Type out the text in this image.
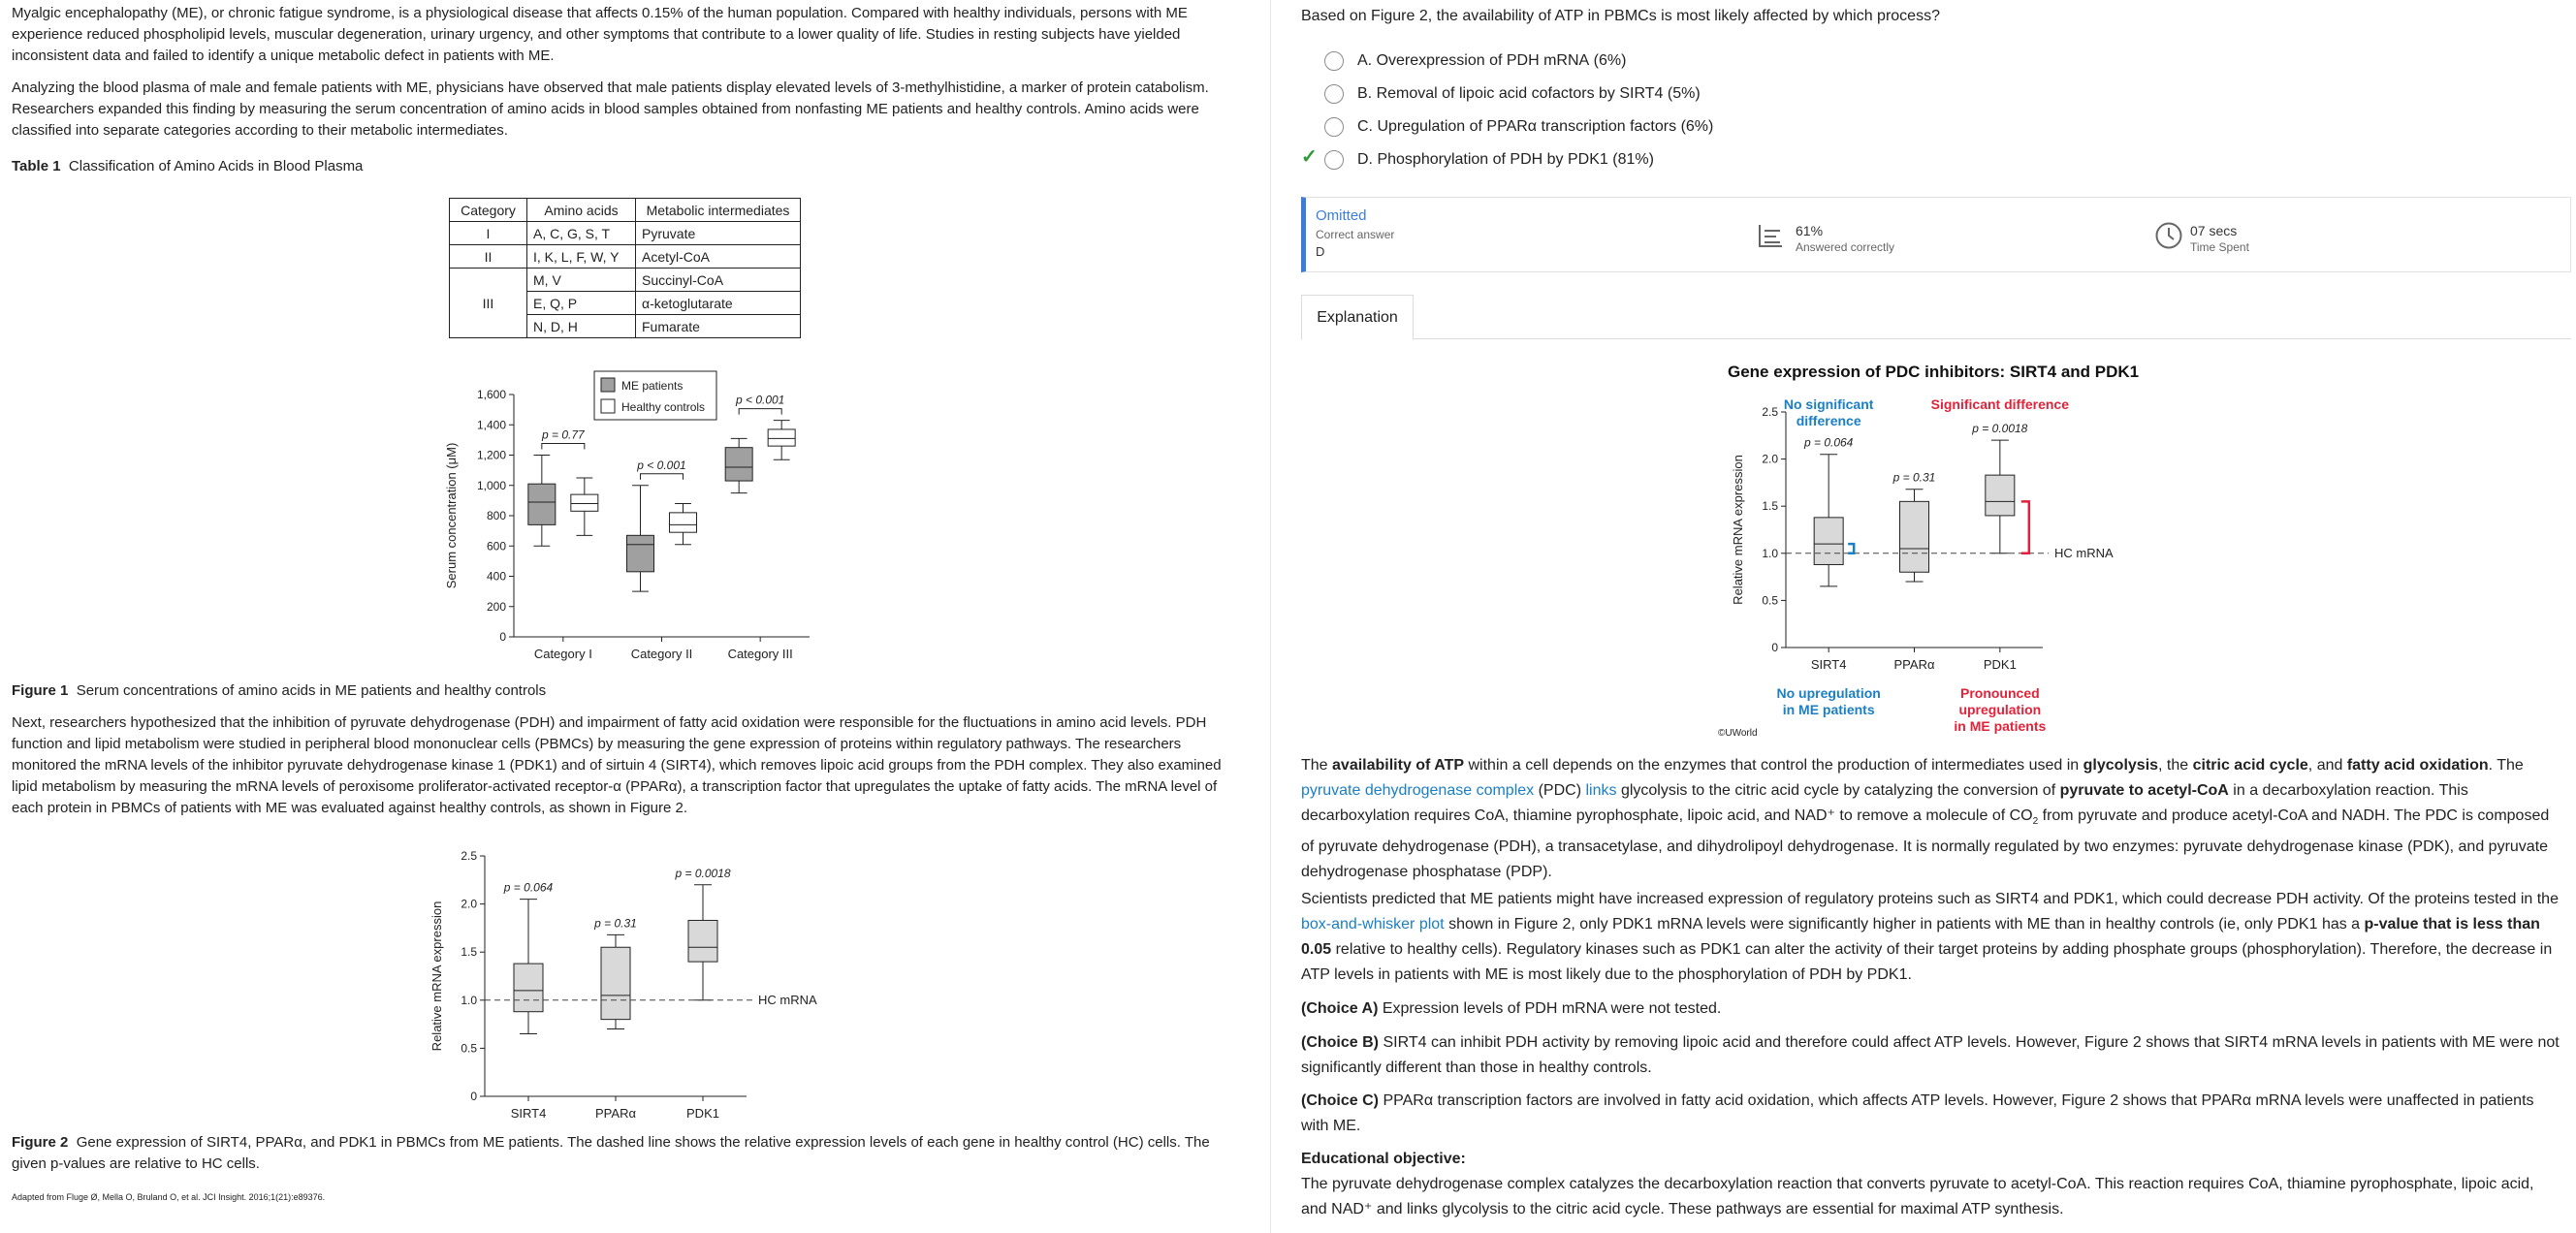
Myalgic encephalopathy (ME), or chronic fatigue syndrome, is a physiological disease that affects 0.15% of the human population. Compared with healthy individuals, persons with ME experience reduced phospholipid levels, muscular degeneration, urinary urgency, and other symptoms that contribute to a lower quality of life. Studies in resting subjects have yielded inconsistent data and failed to identify a unique metabolic defect in patients with ME.
Analyzing the blood plasma of male and female patients with ME, physicians have observed that male patients display elevated levels of 3-methylhistidine, a marker of protein catabolism. Researchers expanded this finding by measuring the serum concentration of amino acids in blood samples obtained from nonfasting ME patients and healthy controls. Amino acids were classified into separate categories according to their metabolic intermediates.
Table 1 Classification of Amino Acids in Blood Plasma
Category	Amino acids	Metabolic intermediates
I	A, C, G, S, T	Pyruvate
II	I, K, L, F, W, Y	Acetyl-CoA
III	M, V	Succinyl-CoA
	E, Q, P	α-ketoglutarate
	N, D, H	Fumarate
0
200
400
600
800
1,000
1,200
1,400
1,600
Serum concentration (μM)
Category I
p = 0.77
Category II
p < 0.001
Category III
p < 0.001
ME patients
Healthy controls
Figure 1 Serum concentrations of amino acids in ME patients and healthy controls
Next, researchers hypothesized that the inhibition of pyruvate dehydrogenase (PDH) and impairment of fatty acid oxidation were responsible for the fluctuations in amino acid levels. PDH function and lipid metabolism were studied in peripheral blood mononuclear cells (PBMCs) by measuring the gene expression of proteins within regulatory pathways. The researchers monitored the mRNA levels of the inhibitor pyruvate dehydrogenase kinase 1 (PDK1) and of sirtuin 4 (SIRT4), which removes lipoic acid groups from the PDH complex. They also examined lipid metabolism by measuring the mRNA levels of peroxisome proliferator-activated receptor-α (PPARα), a transcription factor that upregulates the uptake of fatty acids. The mRNA level of each protein in PBMCs of patients with ME was evaluated against healthy controls, as shown in Figure 2.
0
0.5
1.0
1.5
2.0
2.5
Relative mRNA expression
SIRT4
p = 0.064
PPARα
p = 0.31
PDK1
p = 0.0018
HC mRNA
Figure 2 Gene expression of SIRT4, PPARα, and PDK1 in PBMCs from ME patients. The dashed line shows the relative expression levels of each gene in healthy control (HC) cells. The given p-values are relative to HC cells.
Adapted from Fluge Ø, Mella O, Bruland O, et al. JCI Insight. 2016;1(21):e89376.
Based on Figure 2, the availability of ATP in PBMCs is most likely affected by which process?
✓
A.
Overexpression of PDH mRNA
(6%)
B.
Removal of lipoic acid cofactors by SIRT4
(5%)
C.
Upregulation of PPARα transcription factors
(6%)
D.
Phosphorylation of PDH by PDK1
(81%)
Omitted
Correct answer
D
61%
Answered correctly
07 secs
Time Spent
Explanation
Gene expression of PDC inhibitors: SIRT4 and PDK1
0
0.5
1.0
1.5
2.0
2.5
Relative mRNA expression
SIRT4
p = 0.064
PPARα
p = 0.31
PDK1
p = 0.0018
HC mRNA
No significant
difference
Significant difference
No upregulation
in ME patients
Pronounced
upregulation
in ME patients
©UWorld
The availability of ATP within a cell depends on the enzymes that control the production of intermediates used in glycolysis, the citric acid cycle, and fatty acid oxidation. The pyruvate dehydrogenase complex (PDC) links glycolysis to the citric acid cycle by catalyzing the conversion of pyruvate to acetyl-CoA in a decarboxylation reaction. This decarboxylation requires CoA, thiamine pyrophosphate, lipoic acid, and NAD⁺ to remove a molecule of $CO_2$ from pyruvate and produce acetyl-CoA and NADH. The PDC is composed of pyruvate dehydrogenase (PDH), a transacetylase, and dihydrolipoyl dehydrogenase. It is normally regulated by two enzymes: pyruvate dehydrogenase kinase (PDK), and pyruvate dehydrogenase phosphatase (PDP).
Scientists predicted that ME patients might have increased expression of regulatory proteins such as SIRT4 and PDK1, which could decrease PDH activity. Of the proteins tested in the box-and-whisker plot shown in Figure 2, only PDK1 mRNA levels were significantly higher in patients with ME than in healthy controls (ie, only PDK1 has a p-value that is less than 0.05 relative to healthy cells). Regulatory kinases such as PDK1 can alter the activity of their target proteins by adding phosphate groups (phosphorylation). Therefore, the decrease in ATP levels in patients with ME is most likely due to the phosphorylation of PDH by PDK1.
(Choice A) Expression levels of PDH mRNA were not tested.
(Choice B) SIRT4 can inhibit PDH activity by removing lipoic acid and therefore could affect ATP levels. However, Figure 2 shows that SIRT4 mRNA levels in patients with ME were not significantly different than those in healthy controls.
(Choice C) PPARα transcription factors are involved in fatty acid oxidation, which affects ATP levels. However, Figure 2 shows that PPARα mRNA levels were unaffected in patients with ME.
Educational objective:
The pyruvate dehydrogenase complex catalyzes the decarboxylation reaction that converts pyruvate to acetyl-CoA. This reaction requires CoA, thiamine pyrophosphate, lipoic acid, and NAD⁺ and links glycolysis to the citric acid cycle. These pathways are essential for maximal ATP synthesis.
